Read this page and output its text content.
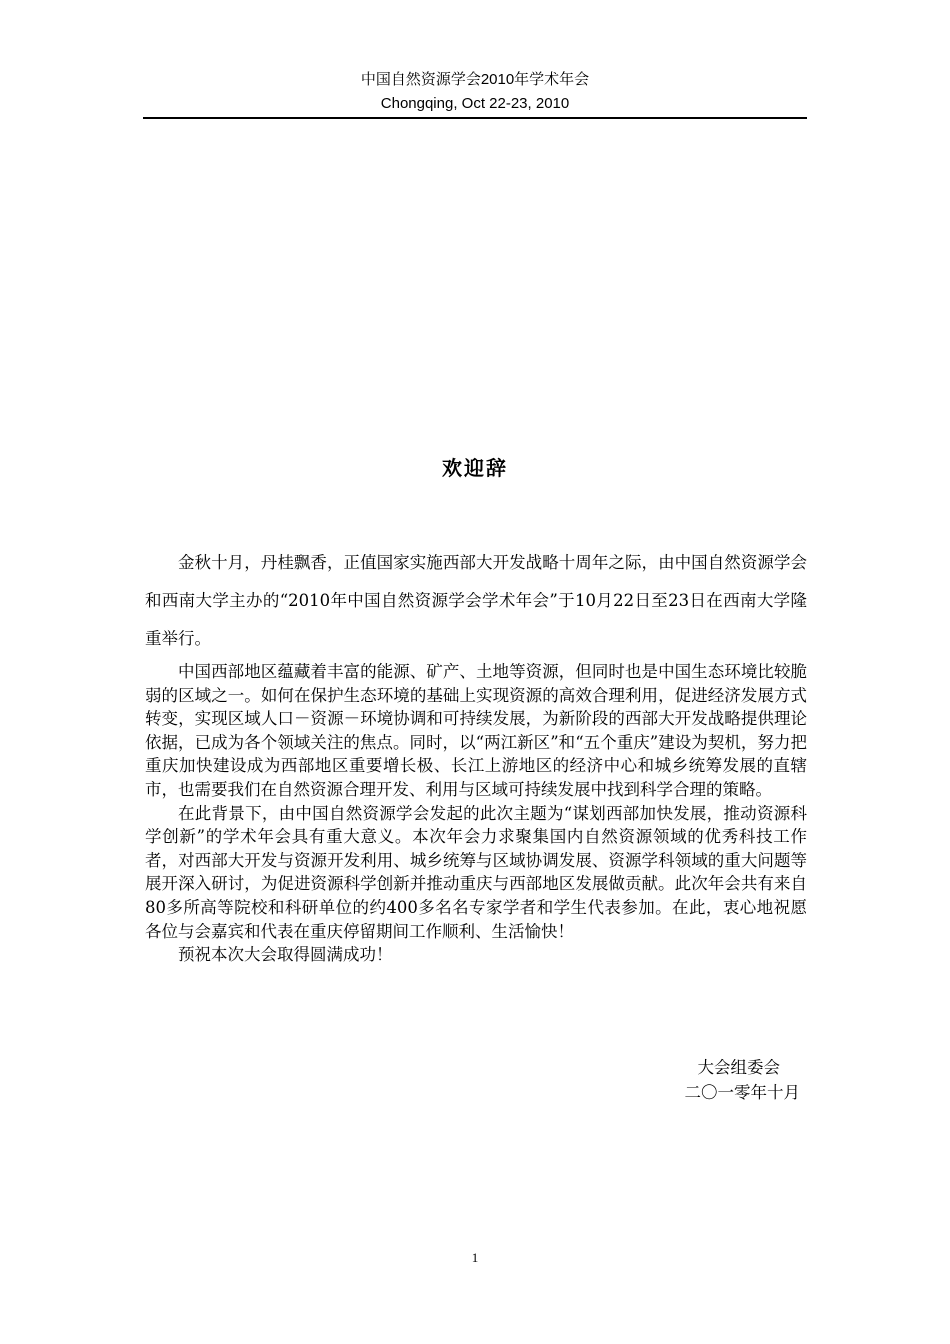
中国自然资源学会2010年学术年会
Chongqing, Oct 22-23, 2010
欢迎辞

金秋十月，丹桂飘香，正值国家实施西部大开发战略十周年之际，由中国自然资源学会和西南大学主办的“2010年中国自然资源学会学术年会”于10月22日至23日在西南大学隆重举行。

中国西部地区蕴藏着丰富的能源、矿产、土地等资源，但同时也是中国生态环境比较脆弱的区域之一。如何在保护生态环境的基础上实现资源的高效合理利用，促进经济发展方式转变，实现区域人口－资源－环境协调和可持续发展，为新阶段的西部大开发战略提供理论依据，已成为各个领域关注的焦点。同时，以“两江新区”和“五个重庆”建设为契机，努力把重庆加快建设成为西部地区重要增长极、长江上游地区的经济中心和城乡统筹发展的直辖市，也需要我们在自然资源合理开发、利用与区域可持续发展中找到科学合理的策略。

在此背景下，由中国自然资源学会发起的此次主题为“谋划西部加快发展，推动资源科学创新”的学术年会具有重大意义。本次年会力求聚集国内自然资源领域的优秀科技工作者，对西部大开发与资源开发利用、城乡统筹与区域协调发展、资源学科领域的重大问题等展开深入研讨，为促进资源科学创新并推动重庆与西部地区发展做贡献。此次年会共有来自80多所高等院校和科研单位的约400多名名专家学者和学生代表参加。在此，衷心地祝愿各位与会嘉宾和代表在重庆停留期间工作顺利、生活愉快！

预祝本次大会取得圆满成功！

大会组委会
二〇一零年十月
1
